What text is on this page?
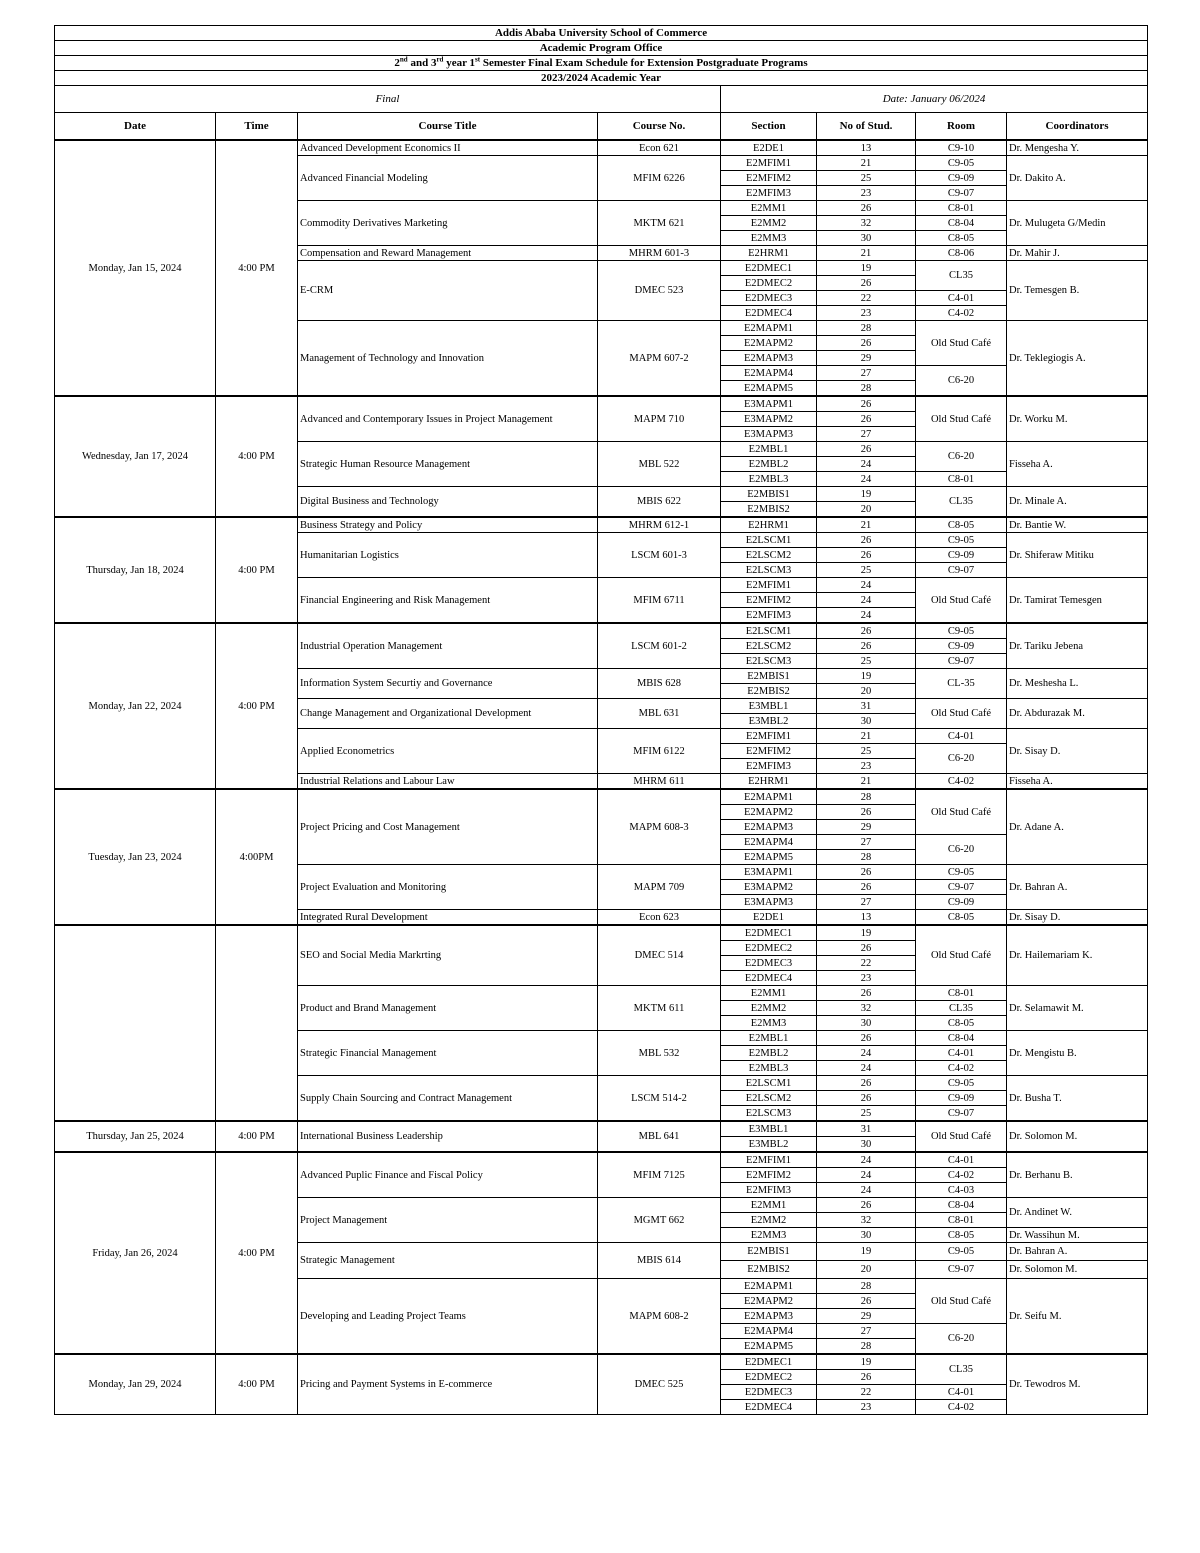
Addis Ababa University School of Commerce							
Academic Program Office							
2nd and 3rd year 1st Semester Final Exam Schedule for Extension Postgraduate Programs							
2023/2024 Academic Year							
Final				Date: January 06/2024			
Date	Time	Course Title	Course No.	Section	No of Stud.	Room	Coordinators
Monday, Jan 15, 2024	4:00 PM	Advanced Development Economics II	Econ 621	E2DE1	13	C9-10	Dr. Mengesha Y.
		Advanced Financial Modeling	MFIM 6226	E2MFIM1	21	C9-05	Dr. Dakito A.
				E2MFIM2	25	C9-09	
				E2MFIM3	23	C9-07	
		Commodity Derivatives Marketing	MKTM 621	E2MM1	26	C8-01	Dr. Mulugeta G/Medin
				E2MM2	32	C8-04	
				E2MM3	30	C8-05	
		Compensation and Reward Management	MHRM 601-3	E2HRM1	21	C8-06	Dr. Mahir J.
		E-CRM	DMEC 523	E2DMEC1	19	CL35	Dr. Temesgen B.
				E2DMEC2	26		
				E2DMEC3	22	C4-01	
				E2DMEC4	23	C4-02	
		Management of Technology and Innovation	MAPM 607-2	E2MAPM1	28	Old Stud Café	Dr. Teklegiogis A.
				E2MAPM2	26		
				E2MAPM3	29		
				E2MAPM4	27	C6-20	
				E2MAPM5	28		
Wednesday, Jan 17, 2024	4:00 PM	Advanced and Contemporary Issues in Project Management	MAPM 710	E3MAPM1	26	Old Stud Café	Dr. Worku M.
				E3MAPM2	26		
				E3MAPM3	27		
		Strategic Human Resource Management	MBL 522	E2MBL1	26	C6-20	Fisseha A.
				E2MBL2	24		
				E2MBL3	24	C8-01	
		Digital Business and Technology	MBIS 622	E2MBIS1	19	CL35	Dr. Minale A.
				E2MBIS2	20		
Thursday, Jan 18, 2024	4:00 PM	Business Strategy and Policy	MHRM 612-1	E2HRM1	21	C8-05	Dr. Bantie W.
		Humanitarian Logistics	LSCM 601-3	E2LSCM1	26	C9-05	Dr. Shiferaw Mitiku
				E2LSCM2	26	C9-09	
				E2LSCM3	25	C9-07	
		Financial Engineering and Risk Management	MFIM 6711	E2MFIM1	24	Old Stud Café	Dr. Tamirat Temesgen
				E2MFIM2	24		
				E2MFIM3	24		
Monday, Jan 22, 2024	4:00 PM	Industrial Operation Management	LSCM 601-2	E2LSCM1	26	C9-05	Dr. Tariku Jebena
				E2LSCM2	26	C9-09	
				E2LSCM3	25	C9-07	
		Information System Securtiy and Governance	MBIS 628	E2MBIS1	19	CL-35	Dr. Meshesha L.
				E2MBIS2	20		
		Change Management and Organizational Development	MBL 631	E3MBL1	31	Old Stud Café	Dr. Abdurazak M.
				E3MBL2	30		
		Applied Econometrics	MFIM 6122	E2MFIM1	21	C4-01	Dr. Sisay D.
				E2MFIM2	25	C6-20	
				E2MFIM3	23		
		Industrial Relations and Labour Law	MHRM 611	E2HRM1	21	C4-02	Fisseha A.
Tuesday, Jan 23, 2024	4:00PM	Project Pricing and Cost Management	MAPM 608-3	E2MAPM1	28	Old Stud Café	Dr. Adane A.
				E2MAPM2	26		
				E2MAPM3	29		
				E2MAPM4	27	C6-20	
				E2MAPM5	28		
		Project Evaluation and Monitoring	MAPM 709	E3MAPM1	26	C9-05	Dr. Bahran A.
				E3MAPM2	26	C9-07	
				E3MAPM3	27	C9-09	
		Integrated Rural Development	Econ 623	E2DE1	13	C8-05	Dr. Sisay D.
		SEO and Social Media Markrting	DMEC 514	E2DMEC1	19	Old Stud Café	Dr. Hailemariam K.
				E2DMEC2	26		
				E2DMEC3	22		
				E2DMEC4	23		
		Product and Brand Management	MKTM 611	E2MM1	26	C8-01	Dr. Selamawit M.
				E2MM2	32	CL35	
				E2MM3	30	C8-05	
		Strategic Financial Management	MBL 532	E2MBL1	26	C8-04	Dr. Mengistu B.
				E2MBL2	24	C4-01	
				E2MBL3	24	C4-02	
		Supply Chain Sourcing and Contract Management	LSCM 514-2	E2LSCM1	26	C9-05	Dr. Busha T.
				E2LSCM2	26	C9-09	
				E2LSCM3	25	C9-07	
Thursday, Jan 25, 2024	4:00 PM	International Business Leadership	MBL 641	E3MBL1	31	Old Stud Café	Dr. Solomon M.
				E3MBL2	30		
Friday, Jan 26, 2024	4:00 PM	Advanced Puplic Finance and Fiscal Policy	MFIM 7125	E2MFIM1	24	C4-01	Dr. Berhanu B.
				E2MFIM2	24	C4-02	
				E2MFIM3	24	C4-03	
		Project Management	MGMT 662	E2MM1	26	C8-04	Dr. Andinet W.
				E2MM2	32	C8-01	
				E2MM3	30	C8-05	Dr. Wassihun M.
		Strategic Management	MBIS 614	E2MBIS1	19	C9-05	Dr. Bahran A.
				E2MBIS2	20	C9-07	Dr. Solomon M.
		Developing and Leading Project Teams	MAPM 608-2	E2MAPM1	28	Old Stud Café	Dr. Seifu M.
				E2MAPM2	26		
				E2MAPM3	29		
				E2MAPM4	27	C6-20	
				E2MAPM5	28		
Monday, Jan 29, 2024	4:00 PM	Pricing and Payment Systems in E-commerce	DMEC 525	E2DMEC1	19	CL35	Dr. Tewodros M.
				E2DMEC2	26		
				E2DMEC3	22	C4-01	
				E2DMEC4	23	C4-02	
